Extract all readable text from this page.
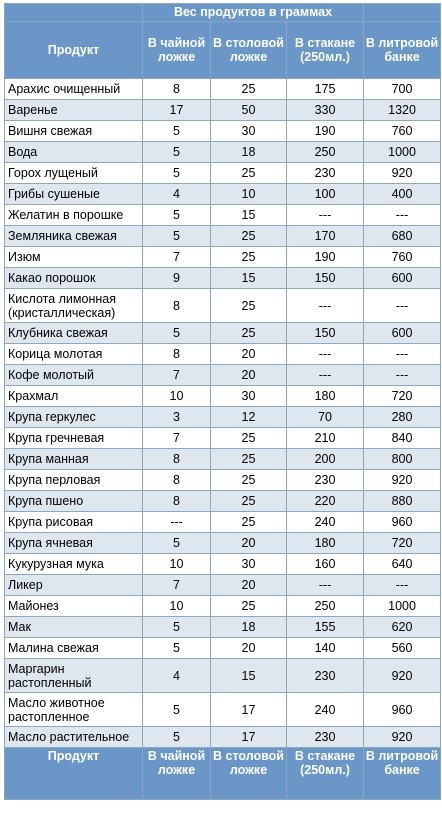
	Вес продуктов в граммах			
Продукт	В чайной ложке	В столовой ложке	В стакане (250мл.)	В литровой банке
Арахис очищенный	8	25	175	700
Варенье	17	50	330	1320
Вишня свежая	5	30	190	760
Вода	5	18	250	1000
Горох лущеный	5	25	230	920
Грибы сушеные	4	10	100	400
Желатин в порошке	5	15	---	---
Земляника свежая	5	25	170	680
Изюм	7	25	190	760
Какао порошок	9	15	150	600
Кислота лимонная (кристаллическая)	8	25	---	---
Клубника свежая	5	25	150	600
Корица молотая	8	20	---	---
Кофе молотый	7	20	---	---
Крахмал	10	30	180	720
Крупа геркулес	3	12	70	280
Крупа гречневая	7	25	210	840
Крупа манная	8	25	200	800
Крупа перловая	8	25	230	920
Крупа пшено	8	25	220	880
Крупа рисовая	---	25	240	960
Крупа ячневая	5	20	180	720
Кукурузная мука	10	30	160	640
Ликер	7	20	---	---
Майонез	10	25	250	1000
Мак	5	18	155	620
Малина свежая	5	20	140	560
Маргарин растопленный	4	15	230	920
Масло животное растопленное	5	17	240	960
Масло растительное	5	17	230	920
Продукт	В чайной ложке	В столовой ложке	В стакане (250мл.)	В литровой банке
